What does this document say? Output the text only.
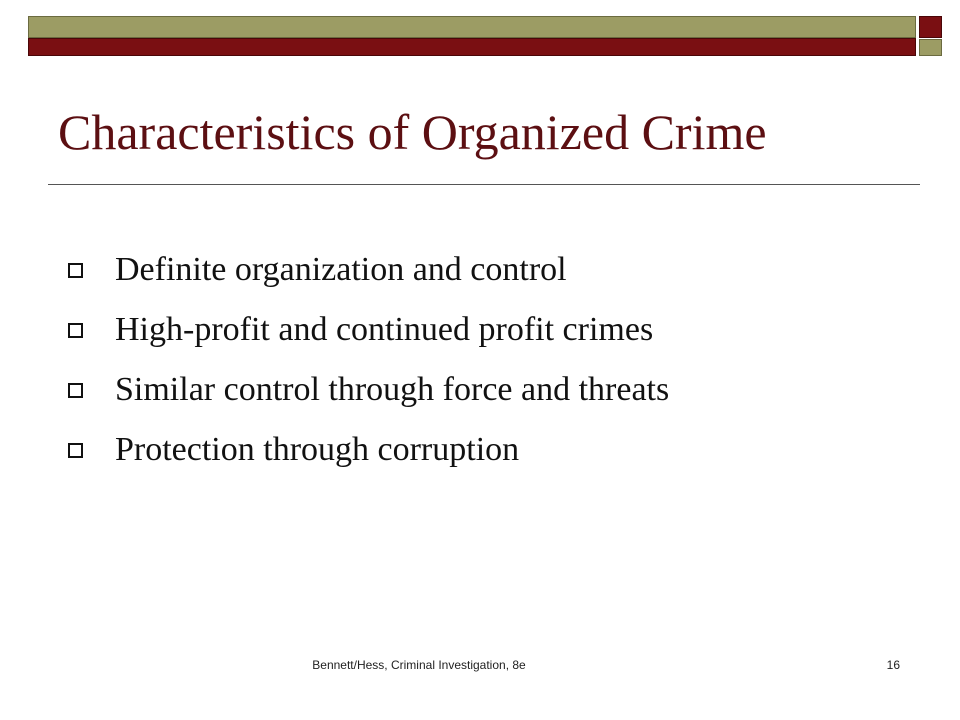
Characteristics of Organized Crime
Definite organization and control
High-profit and continued profit crimes
Similar control through force and threats
Protection through corruption
Bennett/Hess, Criminal Investigation, 8e	16
